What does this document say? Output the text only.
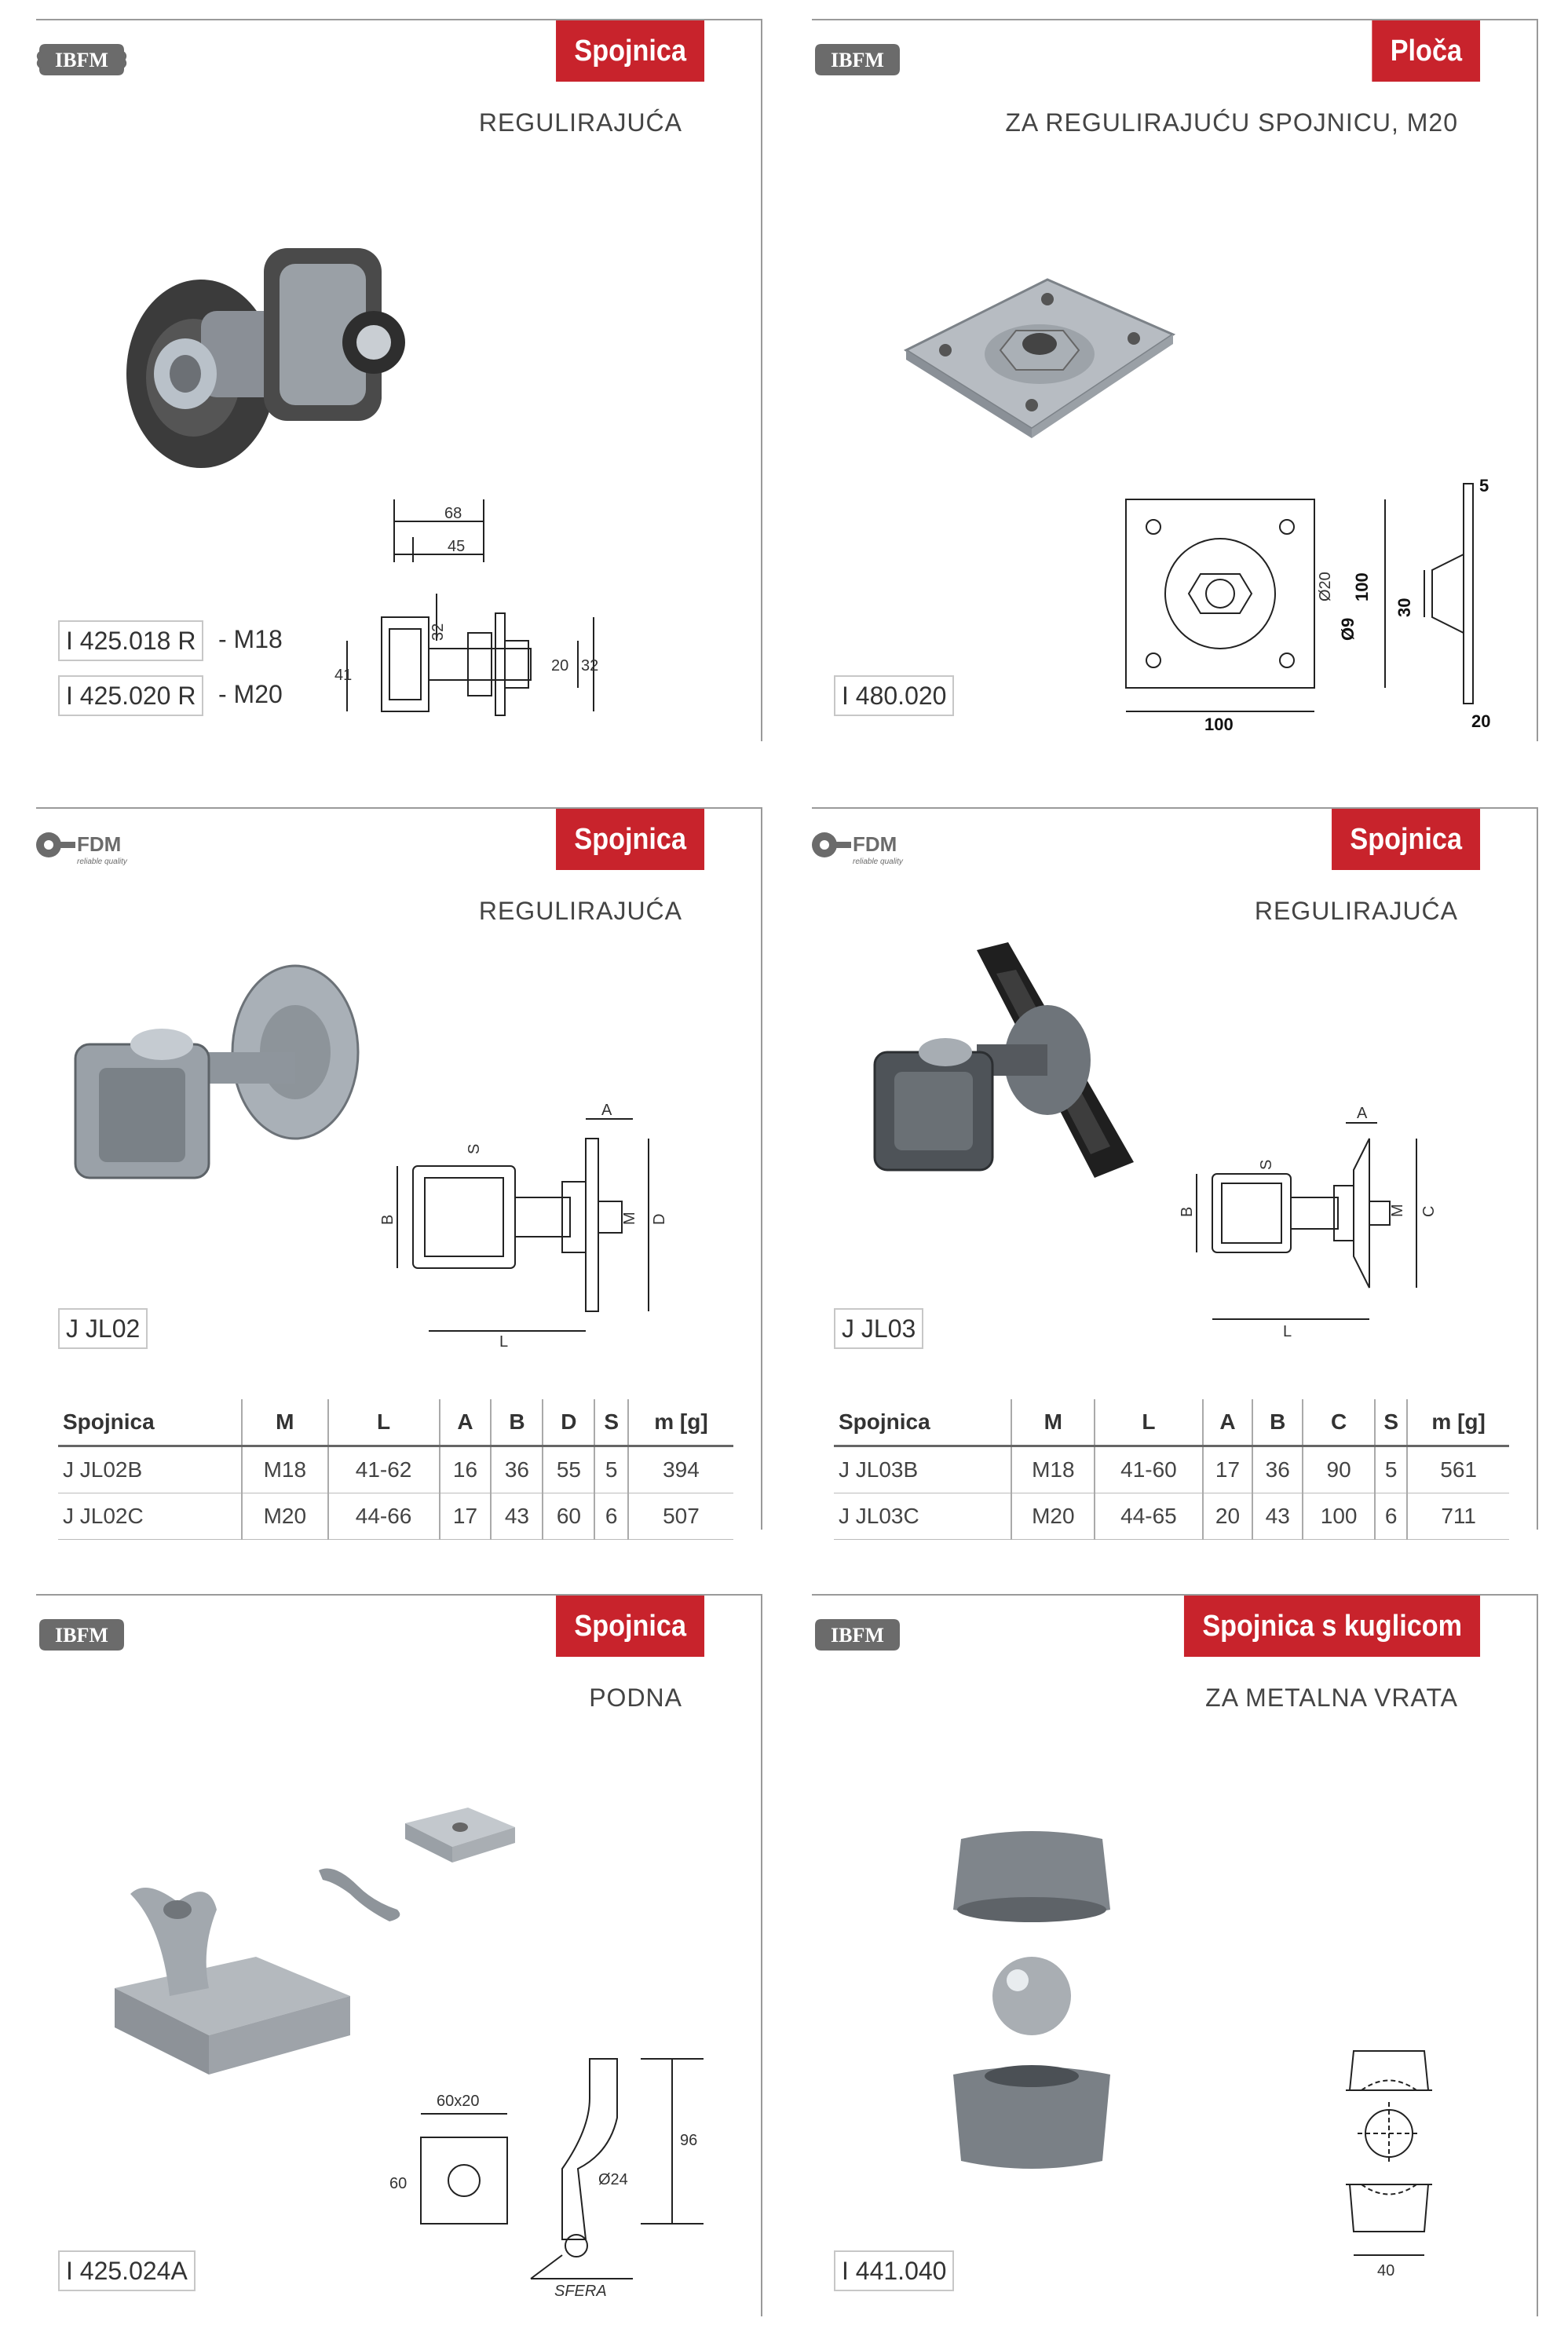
IBFM	Spojnica
REGULIRAJUĆA
68
45
32
41
20 32
I 425.018 R - M18
I 425.020 R - M20
IBFM	Ploča
ZA REGULIRAJUĆU SPOJNICU, M20
Ø9
Ø20 100
100
30
5
20
I 480.020
FDM
reliable quality
Spojnica
REGULIRAJUĆA
A
S
B	M D
L
J JL02
Spojnica	M	L	A	B	D	S	m [g]
J JL02B	M18	41-62	16	36	55	5	394
J JL02C	M20	44-66	17	43	60	6	507
FDM
reliable quality
Spojnica
REGULIRAJUĆA
A
S
B	M C
L
J JL03
Spojnica	M	L	A	B	C	S	m [g]
J JL03B	M18	41-60	17	36	90	5	561
J JL03C	M20	44-65	20	43	100	6	711
IBFM	Spojnica
PODNA
60x20
60
96
Ø24
SFERA
I 425.024A
IBFM	Spojnica s kuglicom
ZA METALNA VRATA
40
I 441.040
